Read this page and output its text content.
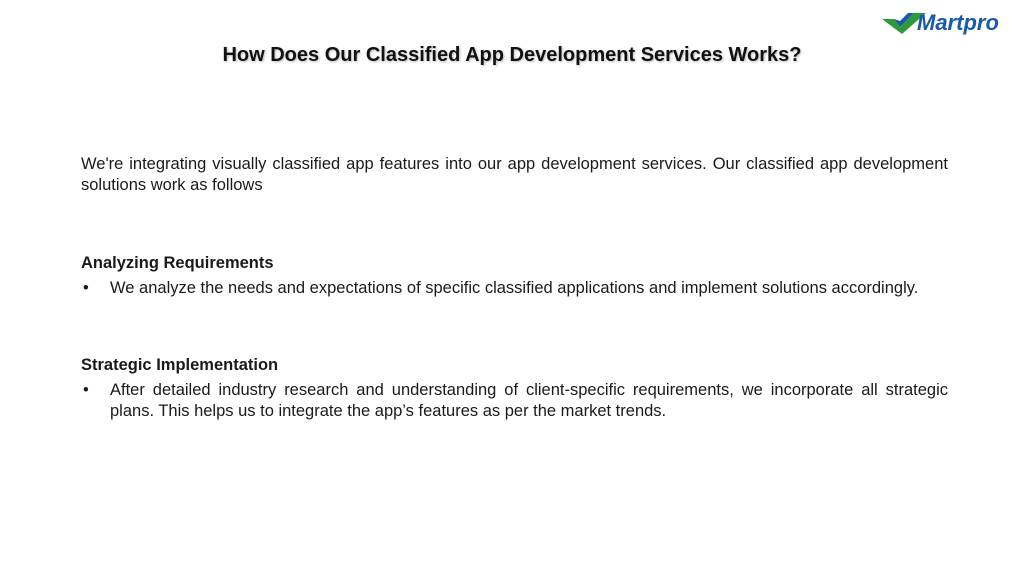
Martpro
How Does Our Classified App Development Services Works?

We're integrating visually classified app features into our app development services. Our classified app development solutions work as follows

Analyzing Requirements

•	We analyze the needs and expectations of specific classified applications and implement solutions accordingly.

Strategic Implementation

•	After detailed industry research and understanding of client-specific requirements, we incorporate all strategic plans. This helps us to integrate the app’s features as per the market trends.
